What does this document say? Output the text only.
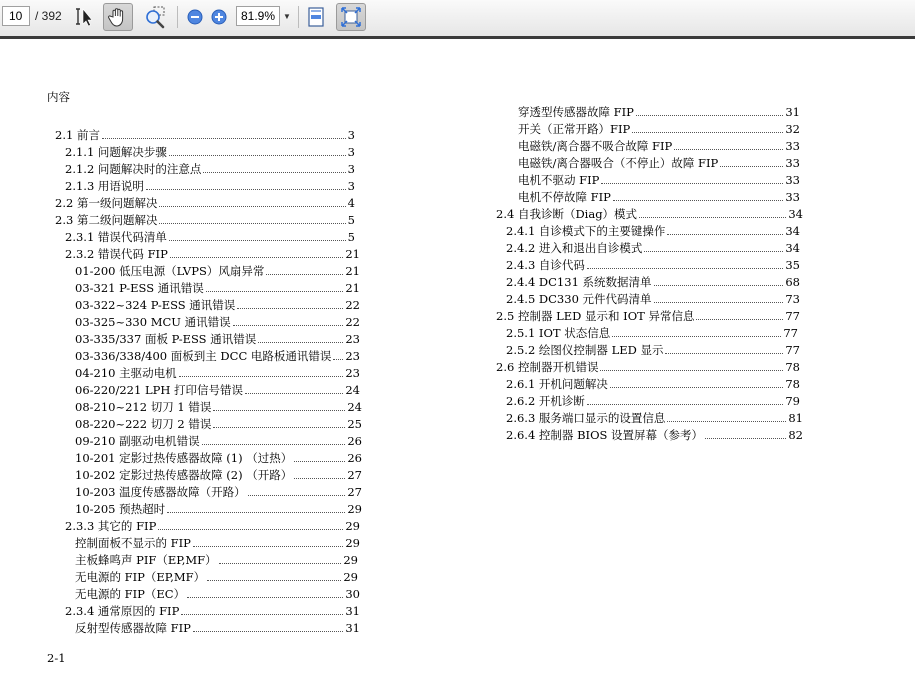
10	/ 392	81.9%	▼
内容
2.1 前言	3
2.1.1 问题解决步骤	3
2.1.2 问题解决时的注意点	3
2.1.3 用语说明	3
2.2 第一级问题解决	4
2.3 第二级问题解决	5
2.3.1 错误代码清单	5
2.3.2 错误代码 FIP	21
01-200 低压电源（LVPS）风扇异常	21
03-321 P-ESS 通讯错误	21
03-322~324 P-ESS 通讯错误	22
03-325~330 MCU 通讯错误	22
03-335/337 面板 P-ESS 通讯错误	23
03-336/338/400 面板到主 DCC 电路板通讯错误 23
04-210 主驱动电机	23
06-220/221 LPH 打印信号错误	24
08-210~212 切刀 1 错误	24
08-220~222 切刀 2 错误	25
09-210 副驱动电机错误	26
10-201 定影过热传感器故障 (1) （过热）	26
10-202 定影过热传感器故障 (2) （开路）	27
10-203 温度传感器故障（开路）	27
10-205 预热超时	29
2.3.3 其它的 FIP	29
控制面板不显示的 FIP	29
主板蜂鸣声 PIF（EP,MF）	29
无电源的 FIP（EP,MF）	29
无电源的 FIP（EC）	30
2.3.4 通常原因的 FIP	31
反射型传感器故障 FIP	31
穿透型传感器故障 FIP	31
开关（正常开路）FIP	32
电磁铁/离合器不吸合故障 FIP	33
电磁铁/离合器吸合（不停止）故障 FIP	33
电机不驱动 FIP	33
电机不停故障 FIP	33
2.4 自我诊断（Diag）模式	34
2.4.1 自诊模式下的主要键操作	34
2.4.2 进入和退出自诊模式	34
2.4.3 自诊代码	35
2.4.4 DC131 系统数据清单	68
2.4.5 DC330 元件代码清单	73
2.5 控制器 LED 显示和 IOT 异常信息	77
2.5.1 IOT 状态信息	77
2.5.2 绘图仪控制器 LED 显示	77
2.6 控制器开机错误	78
2.6.1 开机问题解决	78
2.6.2 开机诊断	79
2.6.3 服务端口显示的设置信息	81
2.6.4 控制器 BIOS 设置屏幕（参考）	82
2-1
